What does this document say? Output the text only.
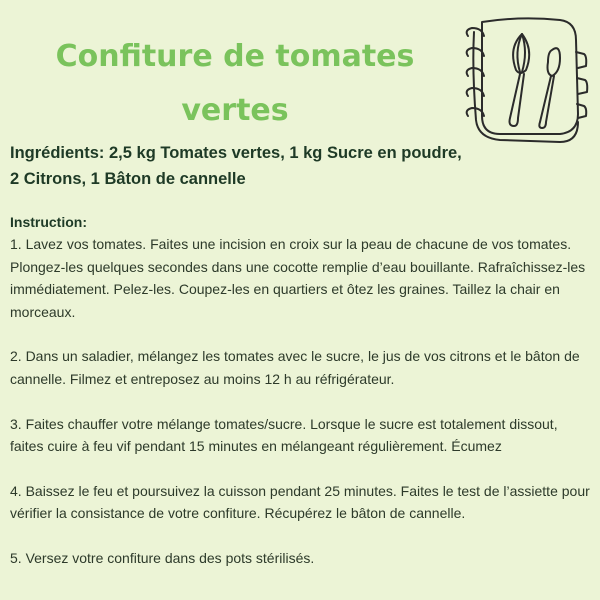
Confiture de tomates
vertes
Ingrédients: 2,5 kg Tomates vertes, 1 kg Sucre en poudre,
2 Citrons, 1 Bâton de cannelle
Instruction:

1. Lavez vos tomates. Faites une incision en croix sur la peau de chacune de vos tomates. Plongez-les quelques secondes dans une cocotte remplie d’eau bouillante. Rafraîchissez-les immédiatement. Pelez-les. Coupez-les en quartiers et ôtez les graines. Taillez la chair en morceaux.

2. Dans un saladier, mélangez les tomates avec le sucre, le jus de vos citrons et le bâton de cannelle. Filmez et entreposez au moins 12 h au réfrigérateur.

3. Faites chauffer votre mélange tomates/sucre. Lorsque le sucre est totalement dissout, faites cuire à feu vif pendant 15 minutes en mélangeant régulièrement. Écumez

4. Baissez le feu et poursuivez la cuisson pendant 25 minutes. Faites le test de l’assiette pour vérifier la consistance de votre confiture. Récupérez le bâton de cannelle.

5. Versez votre confiture dans des pots stérilisés.
